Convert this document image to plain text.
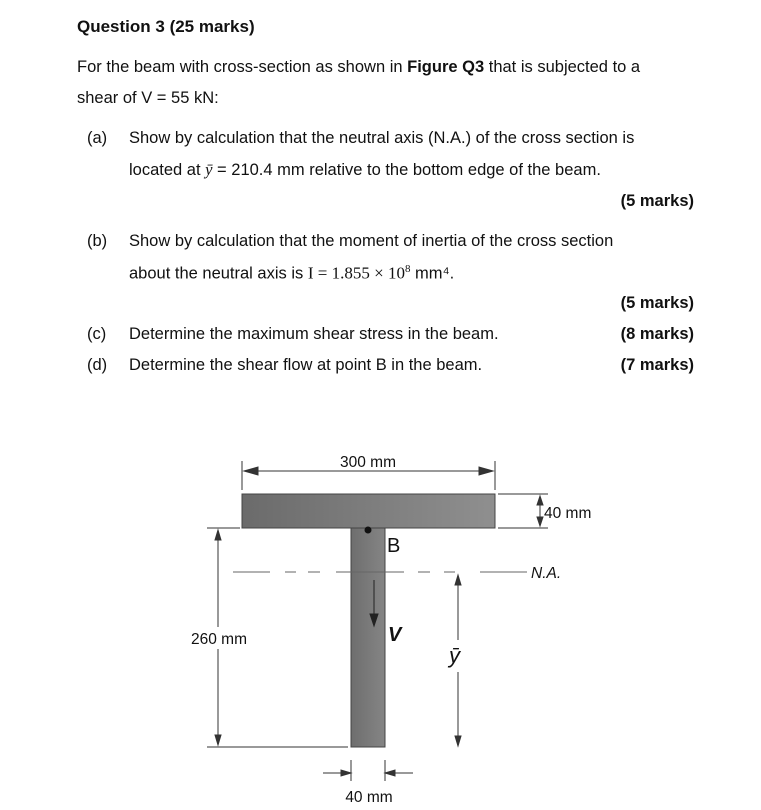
Question 3 (25 marks)
For the beam with cross-section as shown in Figure Q3 that is subjected to a
shear of V = 55 kN:
(a) Show by calculation that the neutral axis (N.A.) of the cross section is
located at ȳ = 210.4 mm relative to the bottom edge of the beam.
(5 marks)
(b) Show by calculation that the moment of inertia of the cross section
about the neutral axis is $I = 1.855 \times 10^8$ mm⁴.
(5 marks)
(c) Determine the maximum shear stress in the beam.	(8 marks)
(d) Determine the shear flow at point B in the beam.	(7 marks)
300 mm
40 mm
260 mm
N.A.
B
V
ȳ
40 mm
